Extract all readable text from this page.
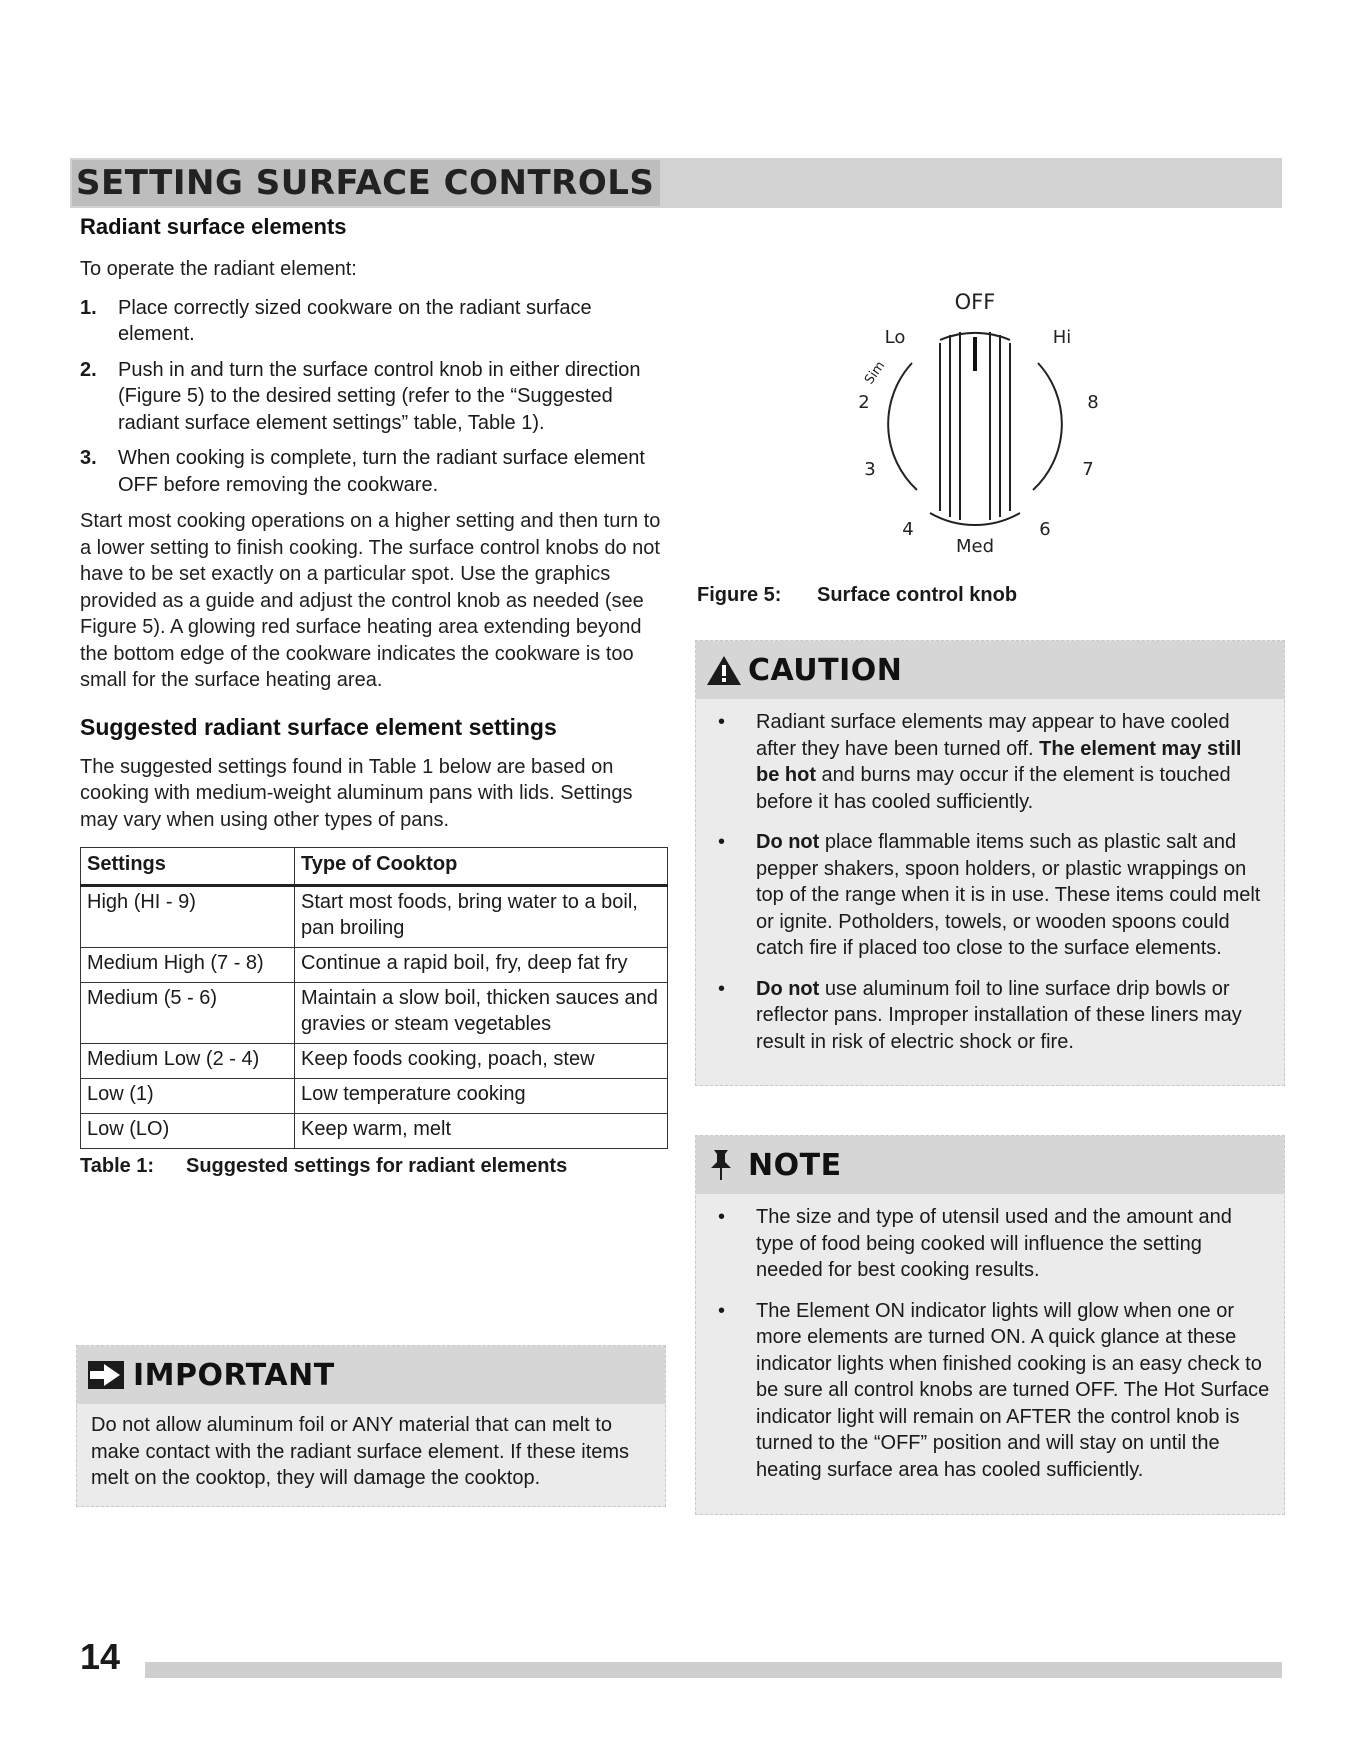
SETTING SURFACE CONTROLS
Radiant surface elements

To operate the radiant element:

1. Place correctly sized cookware on the radiant surface element.
2. Push in and turn the surface control knob in either direction (Figure 5) to the desired setting (refer to the “Suggested radiant surface element settings” table, Table 1).
3. When cooking is complete, turn the radiant surface element OFF before removing the cookware.

Start most cooking operations on a higher setting and then turn to a lower setting to finish cooking. The surface control knobs do not have to be set exactly on a particular spot. Use the graphics provided as a guide and adjust the control knob as needed (see Figure 5). A glowing red surface heating area extending beyond the bottom edge of the cookware indicates the cookware is too small for the surface heating area.

Suggested radiant surface element settings

The suggested settings found in Table 1 below are based on cooking with medium-weight aluminum pans with lids. Settings may vary when using other types of pans.

Settings	Type of Cooktop
High (HI - 9)	Start most foods, bring water to a boil, pan broiling
Medium High (7 - 8)	Continue a rapid boil, fry, deep fat fry
Medium (5 - 6)	Maintain a slow boil, thicken sauces and gravies or steam vegetables
Medium Low (2 - 4)	Keep foods cooking, poach, stew
Low (1)	Low temperature cooking
Low (LO)	Keep warm, melt
Table 1: Suggested settings for radiant elements
IMPORTANT

Do not allow aluminum foil or ANY material that can melt to make contact with the radiant surface element. If these items melt on the cooktop, they will damage the cooktop.

OFF
Lo	Hi
Sim
2
3
4
Med
6
7
8
Figure 5: Surface control knob
CAUTION
• Radiant surface elements may appear to have cooled after they have been turned off. The element may still be hot and burns may occur if the element is touched before it has cooled sufficiently.
• Do not place flammable items such as plastic salt and pepper shakers, spoon holders, or plastic wrappings on top of the range when it is in use. These items could melt or ignite. Potholders, towels, or wooden spoons could catch fire if placed too close to the surface elements.
• Do not use aluminum foil to line surface drip bowls or reflector pans. Improper installation of these liners may result in risk of electric shock or fire.
NOTE
• The size and type of utensil used and the amount and type of food being cooked will influence the setting needed for best cooking results.
• The Element ON indicator lights will glow when one or more elements are turned ON. A quick glance at these indicator lights when finished cooking is an easy check to be sure all control knobs are turned OFF. The Hot Surface indicator light will remain on AFTER the control knob is turned to the “OFF” position and will stay on until the heating surface area has cooled sufficiently.
14
